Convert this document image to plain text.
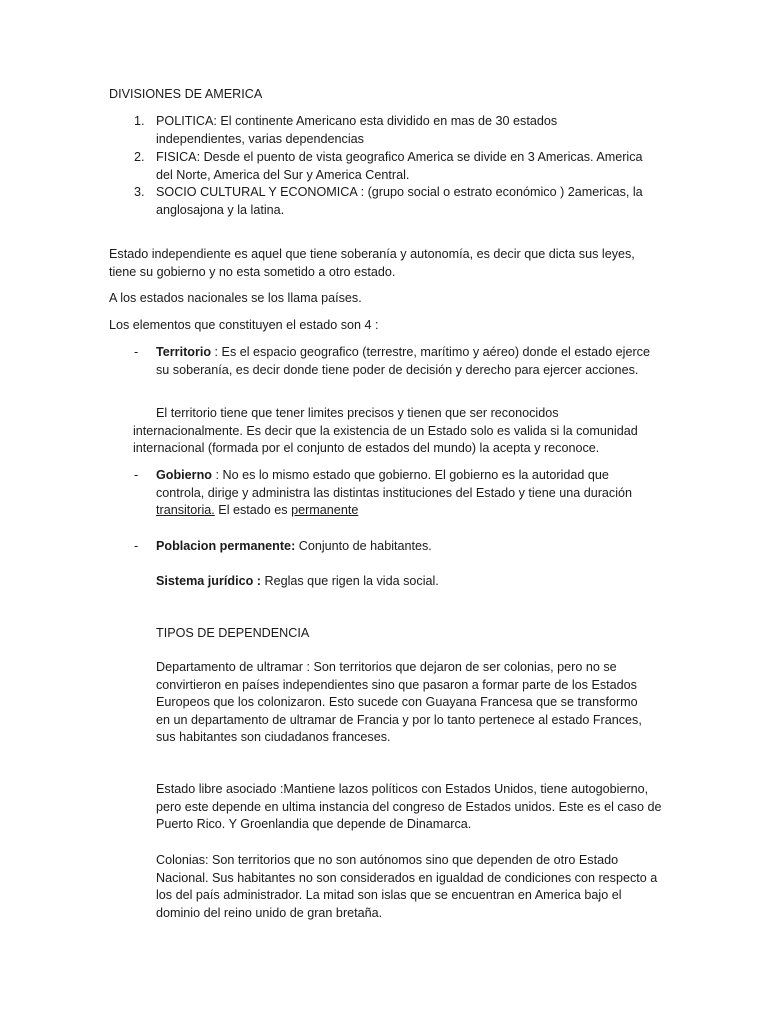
DIVISIONES DE AMERICA
1. POLITICA: El continente Americano esta dividido en mas de 30 estados independientes, varias dependencias
2. FISICA: Desde el puento de vista geografico America se divide en 3 Americas. America del Norte, America del Sur y America Central.
3. SOCIO CULTURAL Y ECONOMICA : (grupo social o estrato económico ) 2americas, la anglosajona y la latina.

Estado independiente es aquel que tiene soberanía y autonomía, es decir que dicta sus leyes, tiene su gobierno y no esta sometido a otro estado.

A los estados nacionales se los llama países.

Los elementos que constituyen el estado son 4 :

- Territorio : Es el espacio geografico (terrestre, marítimo y aéreo) donde el estado ejerce su soberanía, es decir donde tiene poder de decisión y derecho para ejercer acciones.

El territorio tiene que tener limites precisos y tienen que ser reconocidos internacionalmente. Es decir que la existencia de un Estado solo es valida si la comunidad internacional (formada por el conjunto de estados del mundo) la acepta y reconoce.

- Gobierno : No es lo mismo estado que gobierno. El gobierno es la autoridad que controla, dirige y administra las distintas instituciones del Estado y tiene una duración transitoria. El estado es permanente

- Poblacion permanente: Conjunto de habitantes.

Sistema jurídico : Reglas que rigen la vida social.

TIPOS DE DEPENDENCIA

Departamento de ultramar : Son territorios que dejaron de ser colonias, pero no se convirtieron en países independientes sino que pasaron a formar parte de los Estados Europeos que los colonizaron. Esto sucede con Guayana Francesa que se transformo en un departamento de ultramar de Francia y por lo tanto pertenece al estado Frances, sus habitantes son ciudadanos franceses.

Estado libre asociado :Mantiene lazos políticos con Estados Unidos, tiene autogobierno, pero este depende en ultima instancia del congreso de Estados unidos. Este es el caso de Puerto Rico. Y Groenlandia que depende de Dinamarca.

Colonias: Son territorios que no son autónomos sino que dependen de otro Estado Nacional. Sus habitantes no son considerados en igualdad de condiciones con respecto a los del país administrador. La mitad son islas que se encuentran en America bajo el dominio del reino unido de gran bretaña.
